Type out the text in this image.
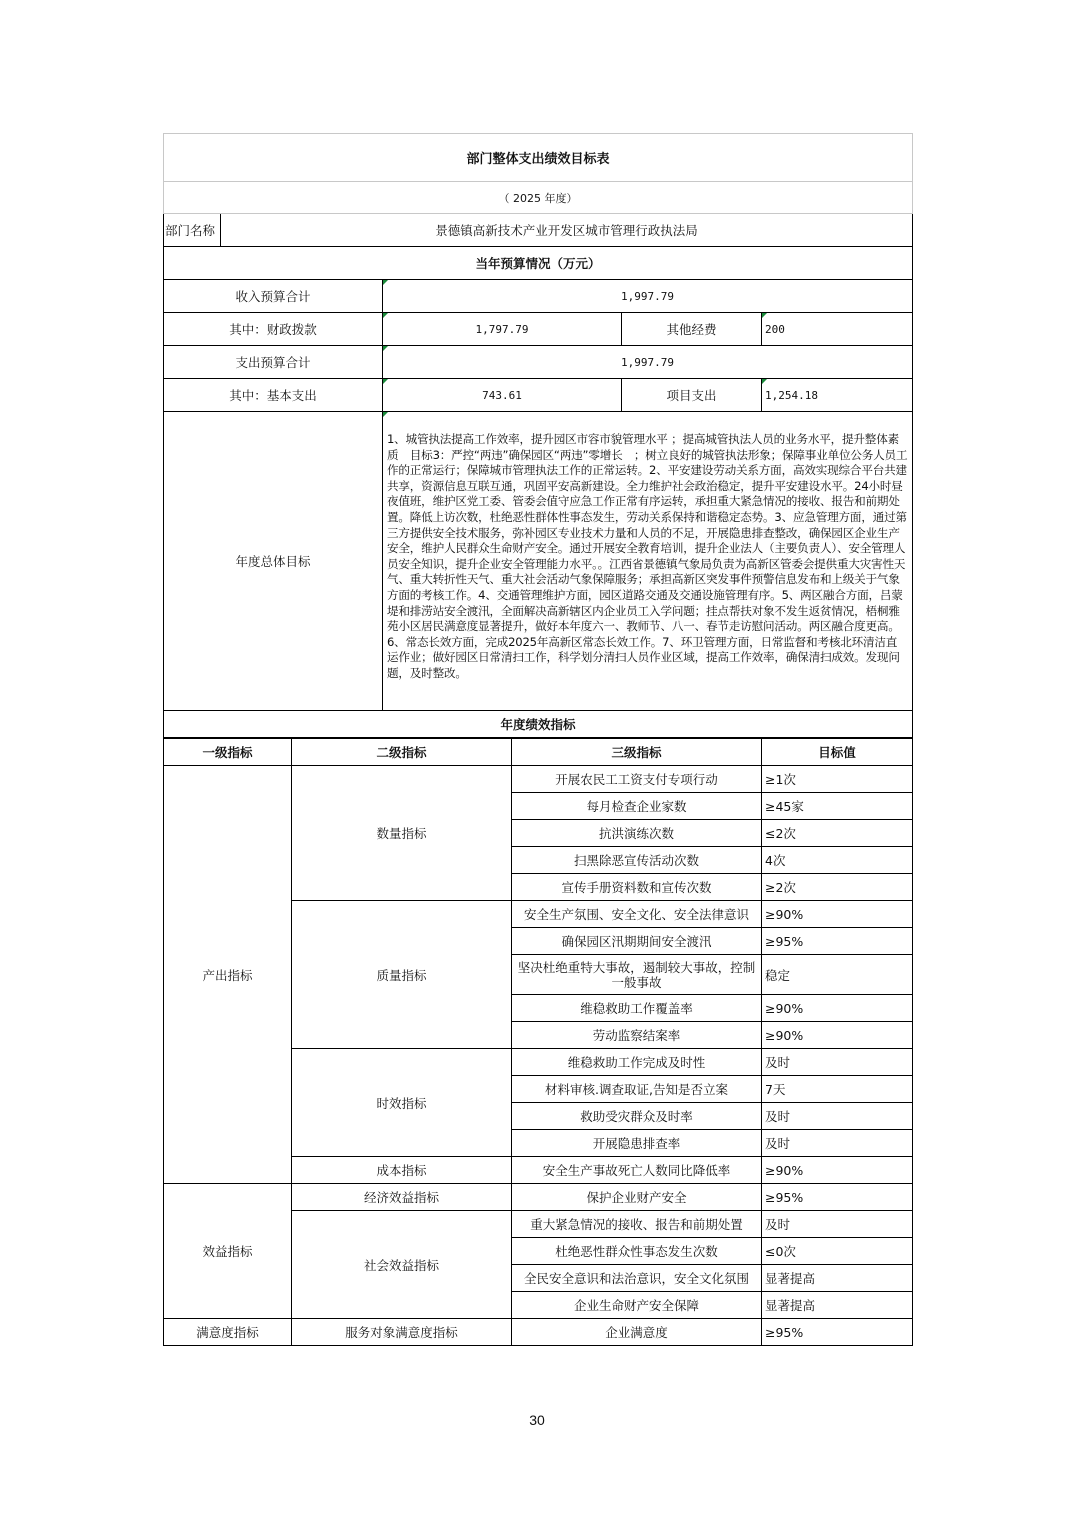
部门整体支出绩效目标表				
（ 2025 年度）				
部门名称	景德镇高新技术产业开发区城市管理行政执法局			
当年预算情况（万元）				
收入预算合计		1,997.79		
其中：财政拨款		1,797.79	其他经费	200
支出预算合计		1,997.79		
其中：基本支出		743.61	项目支出	1,254.18
年度总体目标		1、城管执法提高工作效率，提升园区市容市貌管理水平 ；提高城管执法人员的业务水平，提升整体素质　目标3：严控“两违”确保园区“两违”零增长　；树立良好的城管执法形象；保障事业单位公务人员工作的正常运行；保障城市管理执法工作的正常运转。2、平安建设劳动关系方面，高效实现综合平台共建共享，资源信息互联互通，巩固平安高新建设。全力维护社会政治稳定，提升平安建设水平。24小时昼夜值班，维护区党工委、管委会值守应急工作正常有序运转，承担重大紧急情况的接收、报告和前期处置。降低上访次数，杜绝恶性群体性事态发生，劳动关系保持和谐稳定态势。3、应急管理方面，通过第三方提供安全技术服务，弥补园区专业技术力量和人员的不足，开展隐患排查整改，确保园区企业生产安全，维护人民群众生命财产安全。通过开展安全教育培训，提升企业法人（主要负责人）、安全管理人员安全知识，提升企业安全管理能力水平。。江西省景德镇气象局负责为高新区管委会提供重大灾害性天气、重大转折性天气、重大社会活动气象保障服务；承担高新区突发事件预警信息发布和上级关于气象方面的考核工作。4、交通管理维护方面，园区道路交通及交通设施管理有序。5、两区融合方面，吕蒙堤和排涝站安全渡汛，全面解决高新辖区内企业员工入学问题；挂点帮扶对象不发生返贫情况，梧桐雅苑小区居民满意度显著提升，做好本年度六一、教师节、八一、春节走访慰问活动。两区融合度更高。6、常态长效方面，完成2025年高新区常态长效工作。7、环卫管理方面，日常监督和考核北环清洁直运作业；做好园区日常清扫工作，科学划分清扫人员作业区域，提高工作效率，确保清扫成效。发现问题，及时整改。		
年度绩效指标				
一级指标	二级指标	三级指标	目标值
产出指标	数量指标	开展农民工工资支付专项行动	≥1次
		每月检查企业家数	≥45家
		抗洪演练次数	≤2次
		扫黑除恶宣传活动次数	4次
		宣传手册资料数和宣传次数	≥2次
	质量指标	安全生产氛围、安全文化、安全法律意识	≥90%
		确保园区汛期期间安全渡汛	≥95%
		坚决杜绝重特大事故，遏制较大事故，控制一般事故	稳定
		维稳救助工作覆盖率	≥90%
		劳动监察结案率	≥90%
	时效指标	维稳救助工作完成及时性	及时
		材料审核.调查取证,告知是否立案	7天
		救助受灾群众及时率	及时
		开展隐患排查率	及时
	成本指标	安全生产事故死亡人数同比降低率	≥90%
效益指标	经济效益指标	保护企业财产安全	≥95%
	社会效益指标	重大紧急情况的接收、报告和前期处置	及时
		杜绝恶性群众性事态发生次数	≤0次
		全民安全意识和法治意识，安全文化氛围	显著提高
		企业生命财产安全保障	显著提高
满意度指标	服务对象满意度指标	企业满意度	≥95%
30
